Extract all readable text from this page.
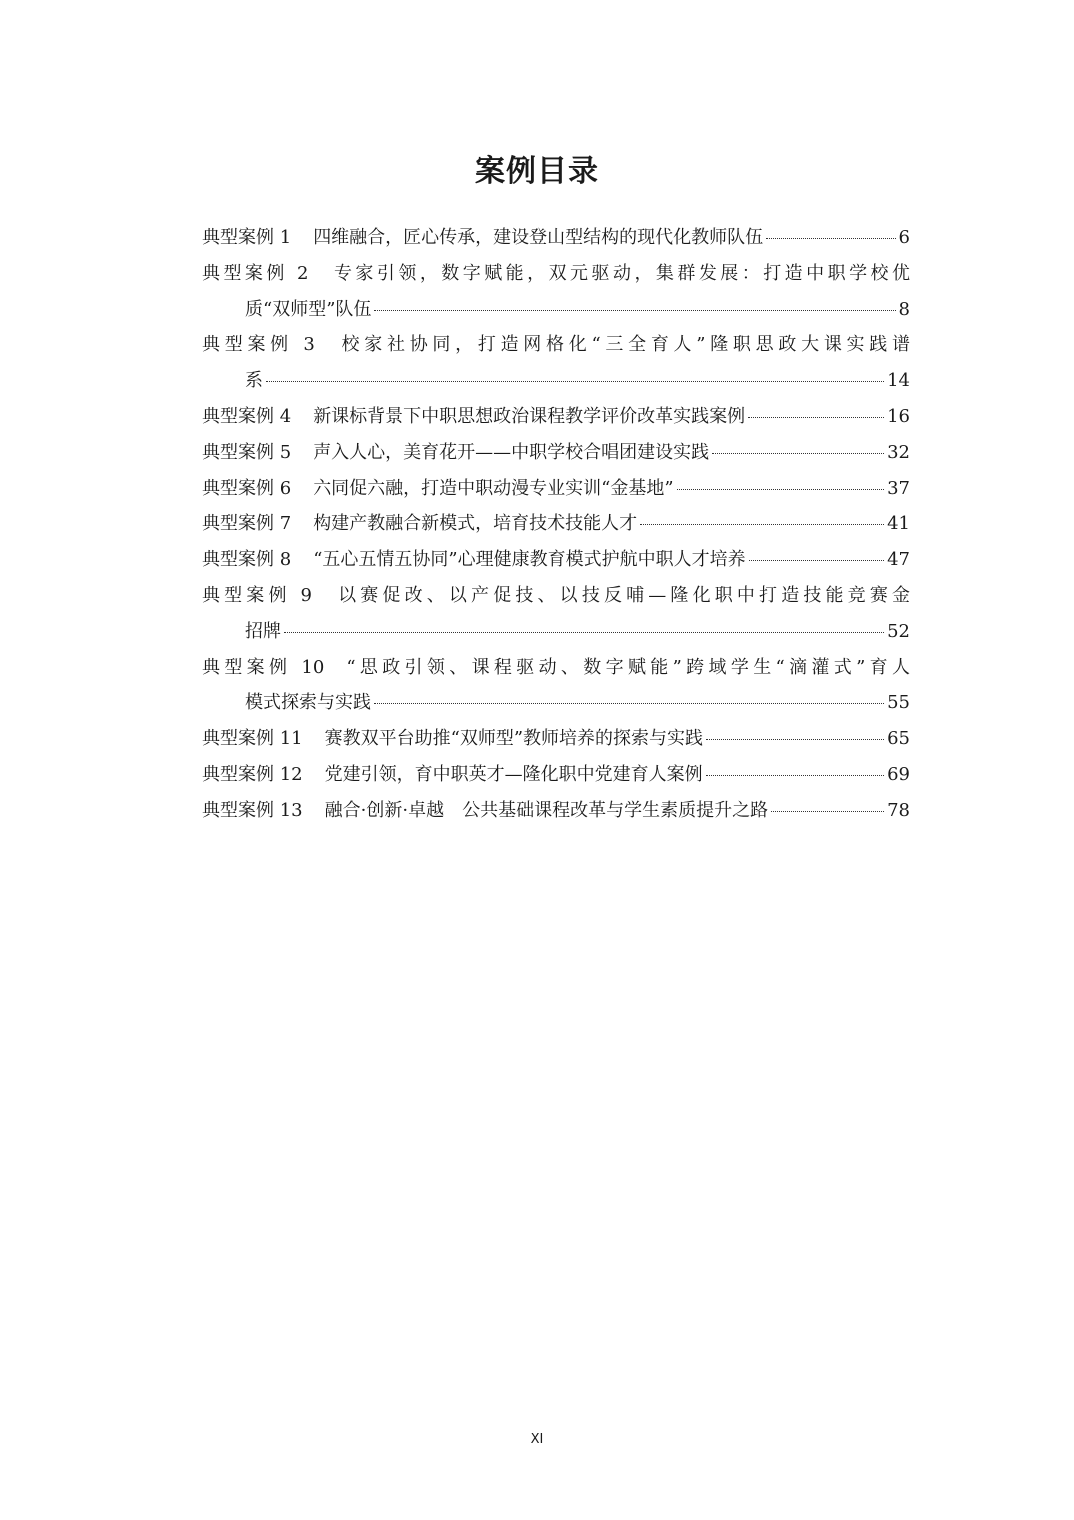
案例目录
典型案例 1 四维融合，匠心传承，建设登山型结构的现代化教师队伍	6
典型案例 2 专家引领，数字赋能，双元驱动，集群发展：打造中职学校优
质“双师型”队伍	8
典型案例 3 校家社协同，打造网格化“三全育人”隆职思政大课实践谱
系	14
典型案例 4 新课标背景下中职思想政治课程教学评价改革实践案例	16
典型案例 5 声入人心，美育花开——中职学校合唱团建设实践	32
典型案例 6 六同促六融，打造中职动漫专业实训“金基地”	37
典型案例 7 构建产教融合新模式，培育技术技能人才	41
典型案例 8 “五心五情五协同”心理健康教育模式护航中职人才培养	47
典型案例 9 以赛促改、以产促技、以技反哺—隆化职中打造技能竞赛金
招牌	52
典型案例 10 “思政引领、课程驱动、数字赋能”跨域学生“滴灌式”育人
模式探索与实践	55
典型案例 11 赛教双平台助推“双师型”教师培养的探索与实践	65
典型案例 12 党建引领，育中职英才—隆化职中党建育人案例	69
典型案例 13 融合·创新·卓越　公共基础课程改革与学生素质提升之路	78
XI
